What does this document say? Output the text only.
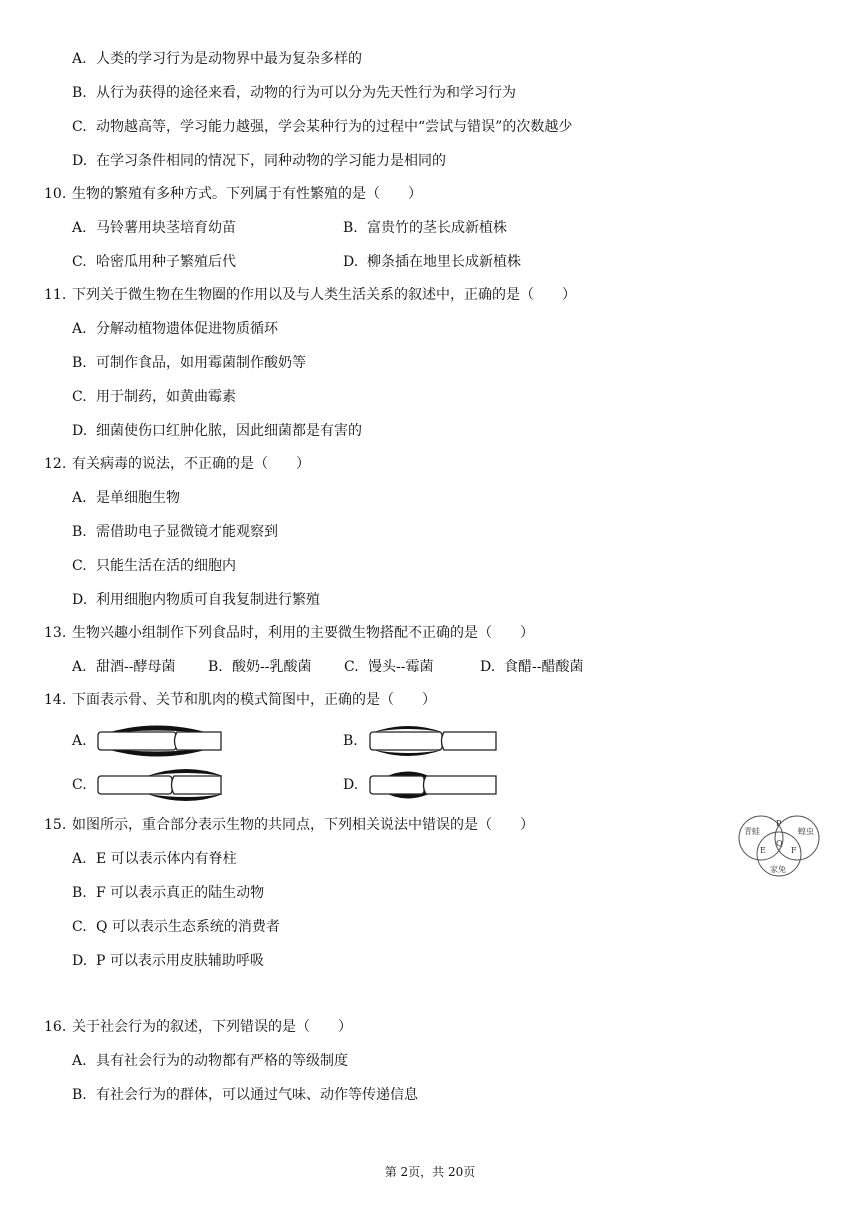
A. 人类的学习行为是动物界中最为复杂多样的
B. 从行为获得的途径来看，动物的行为可以分为先天性行为和学习行为
C. 动物越高等，学习能力越强，学会某种行为的过程中“尝试与错误”的次数越少
D. 在学习条件相同的情况下，同种动物的学习能力是相同的
10. 生物的繁殖有多种方式。下列属于有性繁殖的是（　　）
A. 马铃薯用块茎培育幼苗	B. 富贵竹的茎长成新植株
C. 哈密瓜用种子繁殖后代	D. 柳条插在地里长成新植株
11. 下列关于微生物在生物圈的作用以及与人类生活关系的叙述中，正确的是（　　）
A. 分解动植物遗体促进物质循环
B. 可制作食品，如用霉菌制作酸奶等
C. 用于制药，如黄曲霉素
D. 细菌使伤口红肿化脓，因此细菌都是有害的
12. 有关病毒的说法，不正确的是（　　）
A. 是单细胞生物
B. 需借助电子显微镜才能观察到
C. 只能生活在活的细胞内
D. 利用细胞内物质可自我复制进行繁殖
13. 生物兴趣小组制作下列食品时，利用的主要微生物搭配不正确的是（　　）
A. 甜酒--酵母菌 B. 酸奶--乳酸菌 C. 馒头--霉菌	D. 食醋--醋酸菌
14. 下面表示骨、关节和肌肉的模式简图中，正确的是（　　）
A.	B.
C.	D.
15. 如图所示，重合部分表示生物的共同点，下列相关说法中错误的是（　　）
A. E 可以表示体内有脊柱
B. F 可以表示真正的陆生动物
C. Q 可以表示生态系统的消费者
D. P 可以表示用皮肤辅助呼吸
青蛙	蝗虫
家兔
P
Q
E	F
16. 关于社会行为的叙述，下列错误的是（　　）
A. 具有社会行为的动物都有严格的等级制度
B. 有社会行为的群体，可以通过气味、动作等传递信息
第 2页，共 20页
